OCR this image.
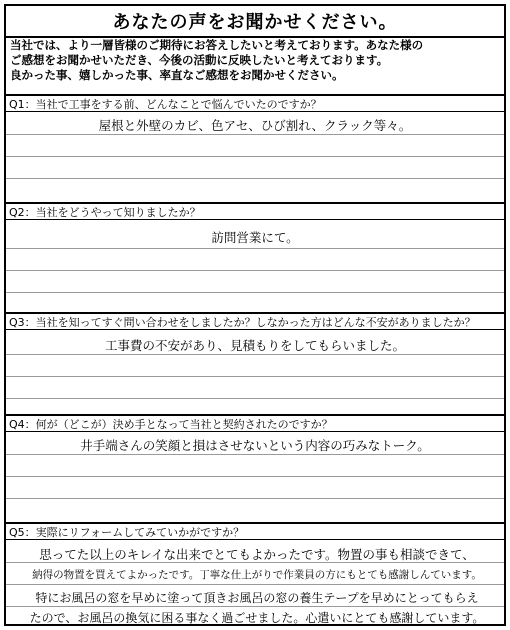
あなたの声をお聞かせください。
当社では、より一層皆様のご期待にお答えしたいと考えております。あなた様の
ご感想をお聞かせいただき、今後の活動に反映したいと考えております。
良かった事、嬉しかった事、率直なご感想をお聞かせください。
Q1：当社で工事をする前、どんなことで悩んでいたのですか？
屋根と外壁のカビ、色アセ、ひび割れ、クラック等々。
Q2：当社をどうやって知りましたか？
訪問営業にて。
Q3：当社を知ってすぐ問い合わせをしましたか？しなかった方はどんな不安がありましたか？
工事費の不安があり、見積もりをしてもらいました。
Q4：何が（どこが）決め手となって当社と契約されたのですか？
井手端さんの笑顔と損はさせないという内容の巧みなトーク。
Q5：実際にリフォームしてみていかがですか？
思ってた以上のキレイな出来でとてもよかったです。物置の事も相談できて、
納得の物置を買えてよかったです。丁寧な仕上がりで作業員の方にもとても感謝しんています。
特にお風呂の窓を早めに塗って頂きお風呂の窓の養生テープを早めにとってもらえ
たので、お風呂の換気に困る事なく過ごせました。心遣いにとても感謝しています。
